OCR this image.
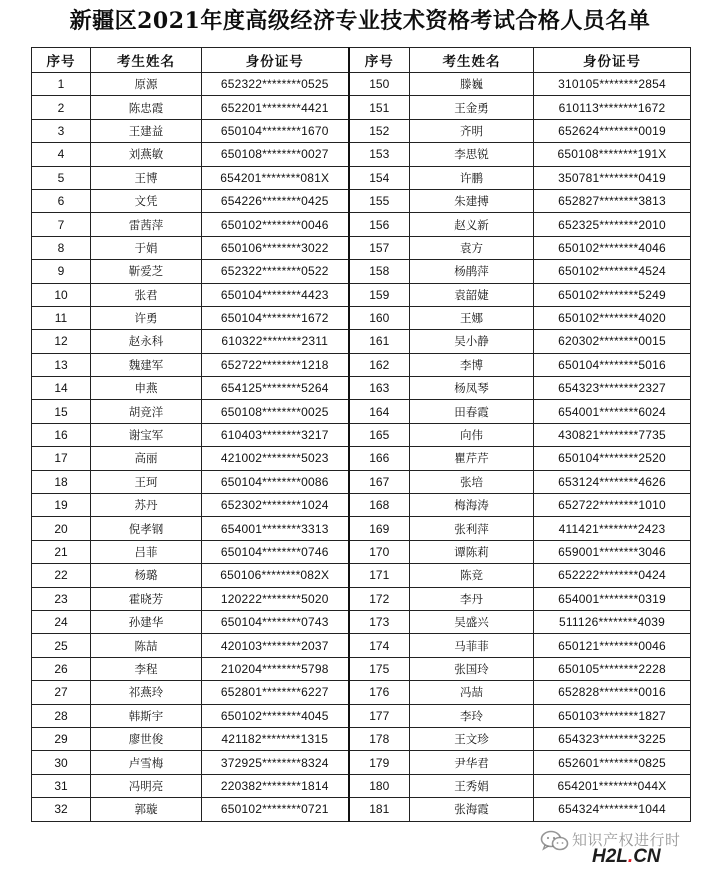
新疆区2021年度高级经济专业技术资格考试合格人员名单
序号	考生姓名	身份证号	序号	考生姓名	身份证号
1	原源	652322********0525	150	滕巍	310105********2854
2	陈忠霞	652201********4421	151	王金勇	610113********1672
3	王建益	650104********1670	152	齐明	652624********0019
4	刘燕敏	650108********0027	153	李思锐	650108********191X
5	王博	654201********081X	154	许鹏	350781********0419
6	文凭	654226********0425	155	朱建搏	652827********3813
7	雷茜萍	650102********0046	156	赵义新	652325********2010
8	于娟	650106********3022	157	袁方	650102********4046
9	靳爱芝	652322********0522	158	杨鹃萍	650102********4524
10	张君	650104********4423	159	袁韶婕	650102********5249
11	许勇	650104********1672	160	王娜	650102********4020
12	赵永科	610322********2311	161	吴小静	620302********0015
13	魏建军	652722********1218	162	李博	650104********5016
14	申燕	654125********5264	163	杨凤琴	654323********2327
15	胡竞洋	650108********0025	164	田春霞	654001********6024
16	谢宝军	610403********3217	165	向伟	430821********7735
17	高丽	421002********5023	166	瞿芹芹	650104********2520
18	王珂	650104********0086	167	张培	653124********4626
19	苏丹	652302********1024	168	梅海涛	652722********1010
20	倪孝钢	654001********3313	169	张利萍	411421********2423
21	吕菲	650104********0746	170	谭陈莉	659001********3046
22	杨璐	650106********082X	171	陈竞	652222********0424
23	霍晓芳	120222********5020	172	李丹	654001********0319
24	孙建华	650104********0743	173	吴盛兴	511126********4039
25	陈喆	420103********2037	174	马菲菲	650121********0046
26	李程	210204********5798	175	张国玲	650105********2228
27	祁燕玲	652801********6227	176	冯喆	652828********0016
28	韩斯宇	650102********4045	177	李玲	650103********1827
29	廖世俊	421182********1315	178	王文珍	654323********3225
30	卢雪梅	372925********8324	179	尹华君	652601********0825
31	冯明亮	220382********1814	180	王秀娟	654201********044X
32	郭璇	650102********0721	181	张海霞	654324********1044
知识产权进行时
H2L.CN
